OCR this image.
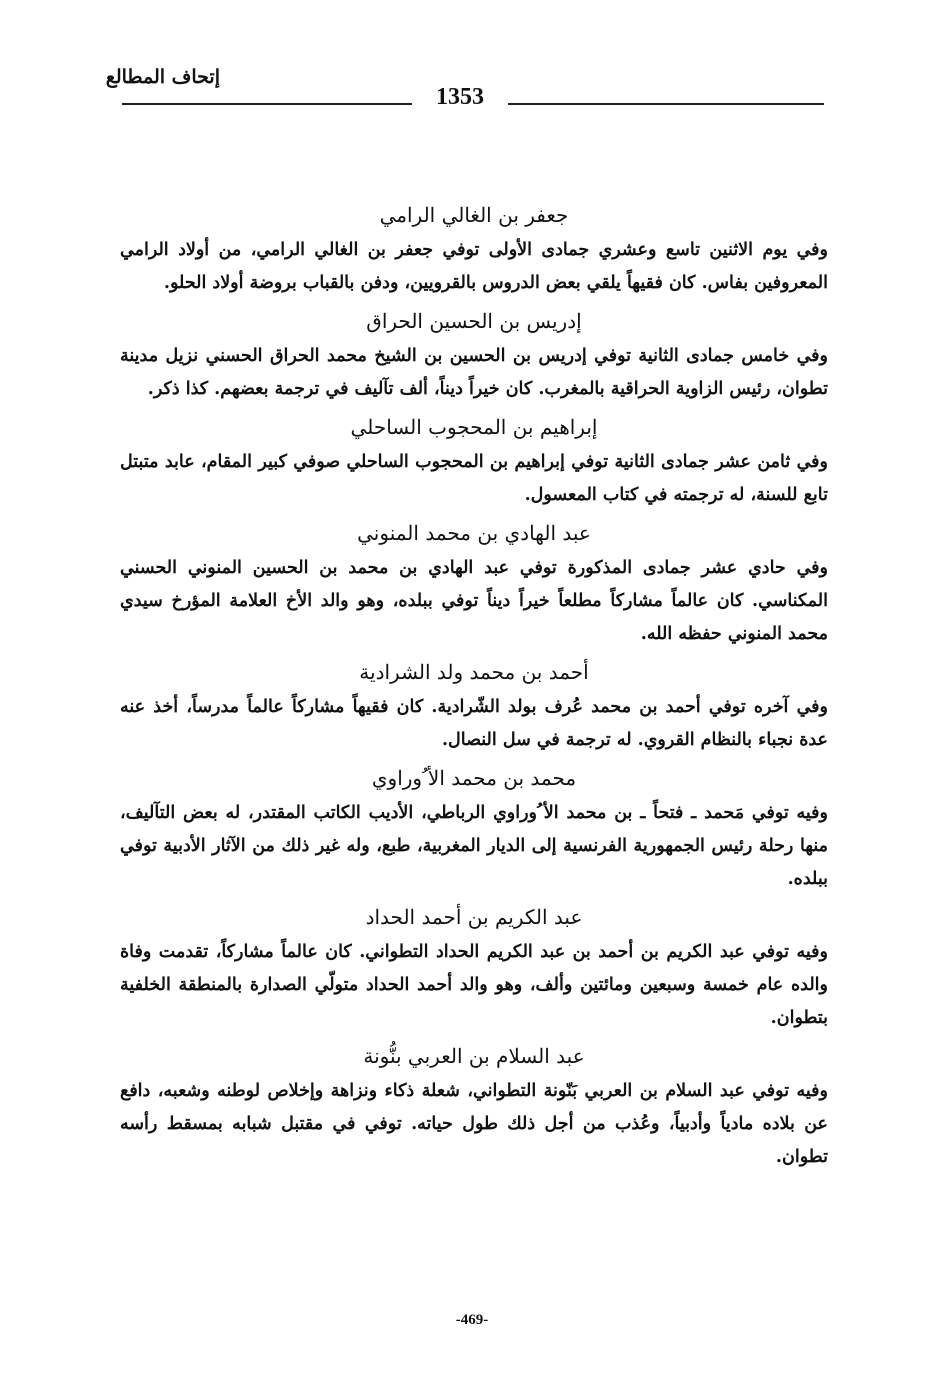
إتحاف المطالع
1353
جعفر بن الغالي الرامي

وفي يوم الاثنين تاسع وعشري جمادى الأولى توفي جعفر بن الغالي الرامي، من أولاد الرامي المعروفين بفاس. كان فقيهاً يلقي بعض الدروس بالقرويين، ودفن بالقباب بروضة أولاد الحلو.

إدريس بن الحسين الحراق

وفي خامس جمادى الثانية توفي إدريس بن الحسين بن الشيخ محمد الحراق الحسني نزيل مدينة تطوان، رئيس الزاوية الحراقية بالمغرب. كان خيراً ديناً، ألف تآليف في ترجمة بعضهم. كذا ذكر.

إبراهيم بن المحجوب الساحلي

وفي ثامن عشر جمادى الثانية توفي إبراهيم بن المحجوب الساحلي صوفي كبير المقام، عابد متبتل تابع للسنة، له ترجمته في كتاب المعسول.

عبد الهادي بن محمد المنوني

وفي حادي عشر جمادى المذكورة توفي عبد الهادي بن محمد بن الحسين المنوني الحسني المكناسي. كان عالماً مشاركاً مطلعاً خيراً ديناً توفي ببلده، وهو والد الأخ العلامة المؤرخ سيدي محمد المنوني حفظه الله.

أحمد بن محمد ولد الشرادية

وفي آخره توفي أحمد بن محمد عُرف بولد الشّرادية. كان فقيهاً مشاركاً عالماً مدرساً، أخذ عنه عدة نجباء بالنظام القروي. له ترجمة في سل النصال.

محمد بن محمد الأ ُوراوي

وفيه توفي مَحمد ـ فتحاً ـ بن محمد الأ ُوراوي الرباطي، الأديب الكاتب المقتدر، له بعض التآليف، منها رحلة رئيس الجمهورية الفرنسية إلى الديار المغربية، طبع، وله غير ذلك من الآثار الأدبية توفي ببلده.

عبد الكريم بن أحمد الحداد

وفيه توفي عبد الكريم بن أحمد بن عبد الكريم الحداد التطواني. كان عالماً مشاركاً، تقدمت وفاة والده عام خمسة وسبعين ومائتين وألف، وهو والد أحمد الحداد متولّي الصدارة بالمنطقة الخلفية بتطوان.

عبد السلام بن العربي بنُّونة

وفيه توفي عبد السلام بن العربي بَنّونة التطواني، شعلة ذكاء ونزاهة وإخلاص لوطنه وشعبه، دافع عن بلاده مادياً وأدبياً، وعُذب من أجل ذلك طول حياته. توفي في مقتبل شبابه بمسقط رأسه تطوان.

-469-
